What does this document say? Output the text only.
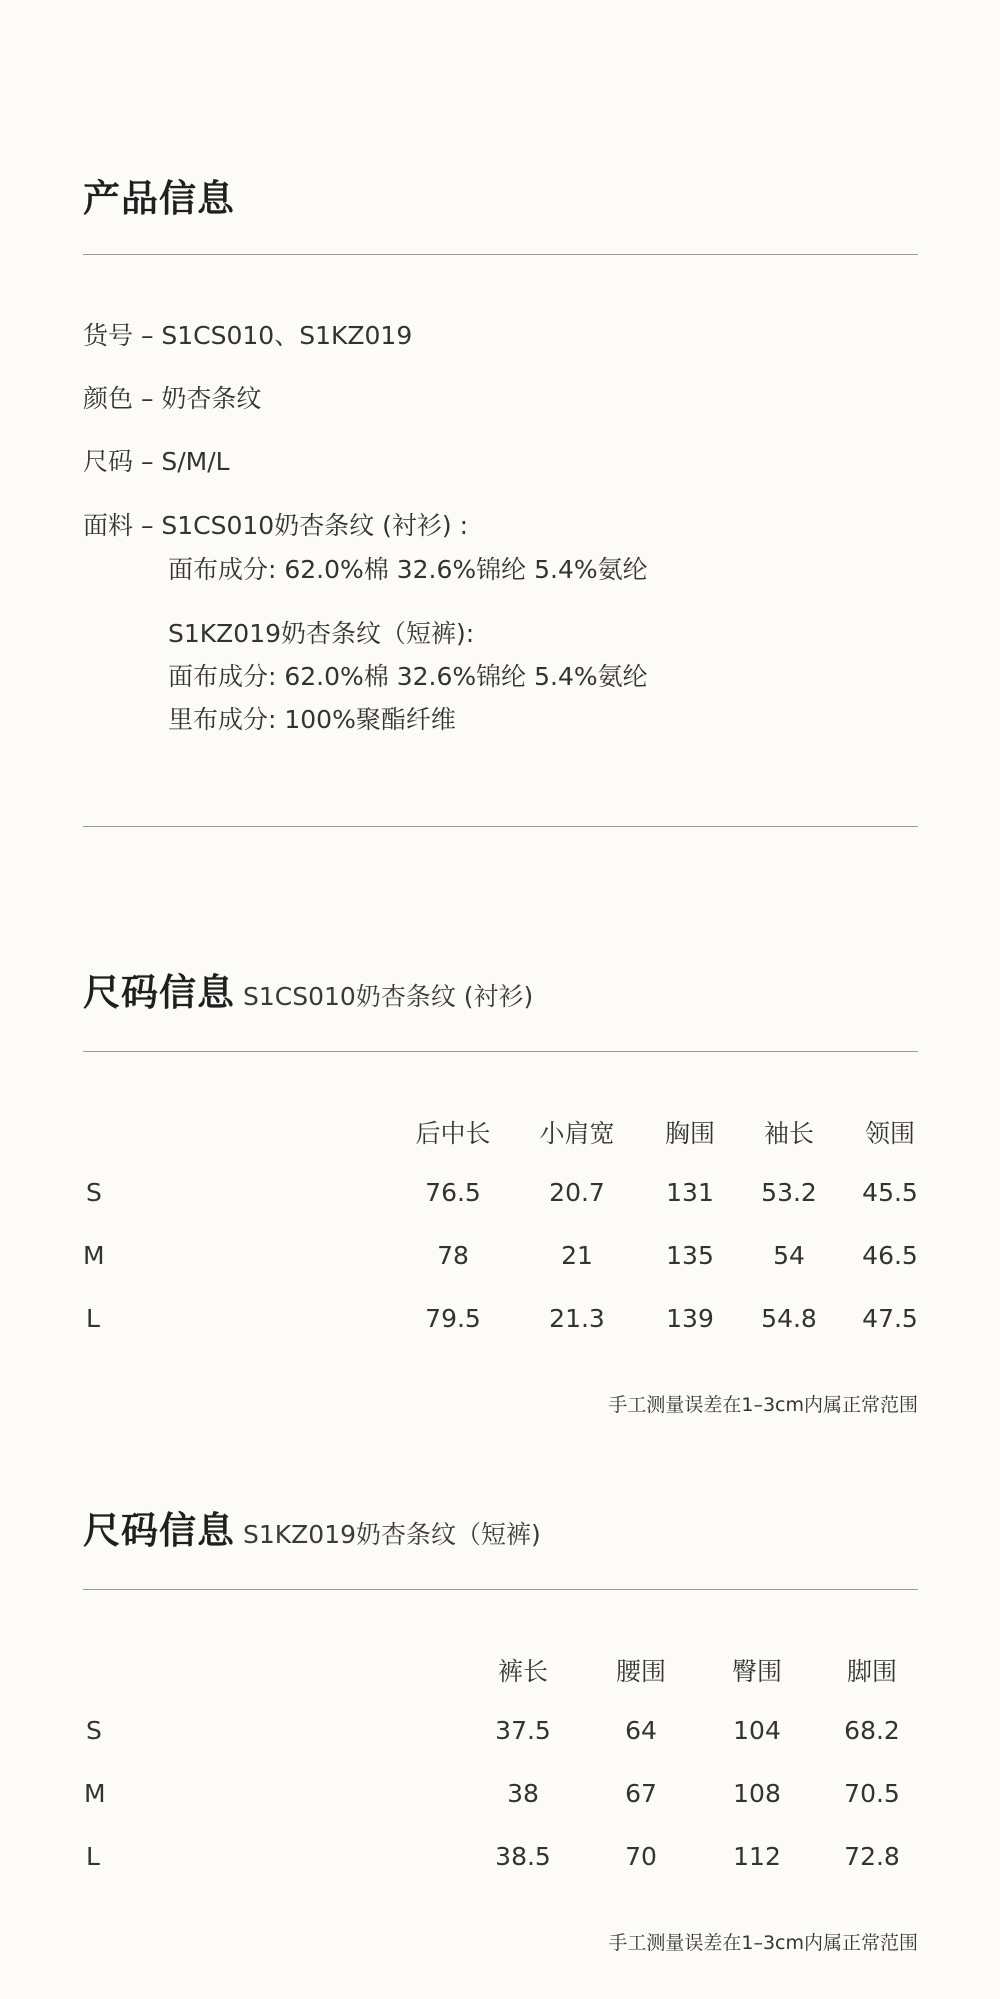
产品信息
货号 – S1CS010、S1KZ019
颜色 – 奶杏条纹
尺码 – S/M/L
面料 – S1CS010奶杏条纹 (衬衫) :
面布成分: 62.0%棉 32.6%锦纶 5.4%氨纶
S1KZ019奶杏条纹（短裤):
面布成分: 62.0%棉 32.6%锦纶 5.4%氨纶
里布成分: 100%聚酯纤维
尺码信息 S1CS010奶杏条纹 (衬衫)
后中长 小肩宽 胸围 袖长 领围
S	76.5	20.7 131 53.2 45.5
M	78	21	135 54 46.5
L	79.5	21.3 139 54.8 47.5
手工测量误差在1–3cm内属正常范围
尺码信息 S1KZ019奶杏条纹（短裤)
裤长	腰围	臀围	脚围
S	37.5	64	104	68.2
M	38	67	108	70.5
L	38.5	70	112	72.8
手工测量误差在1–3cm内属正常范围
